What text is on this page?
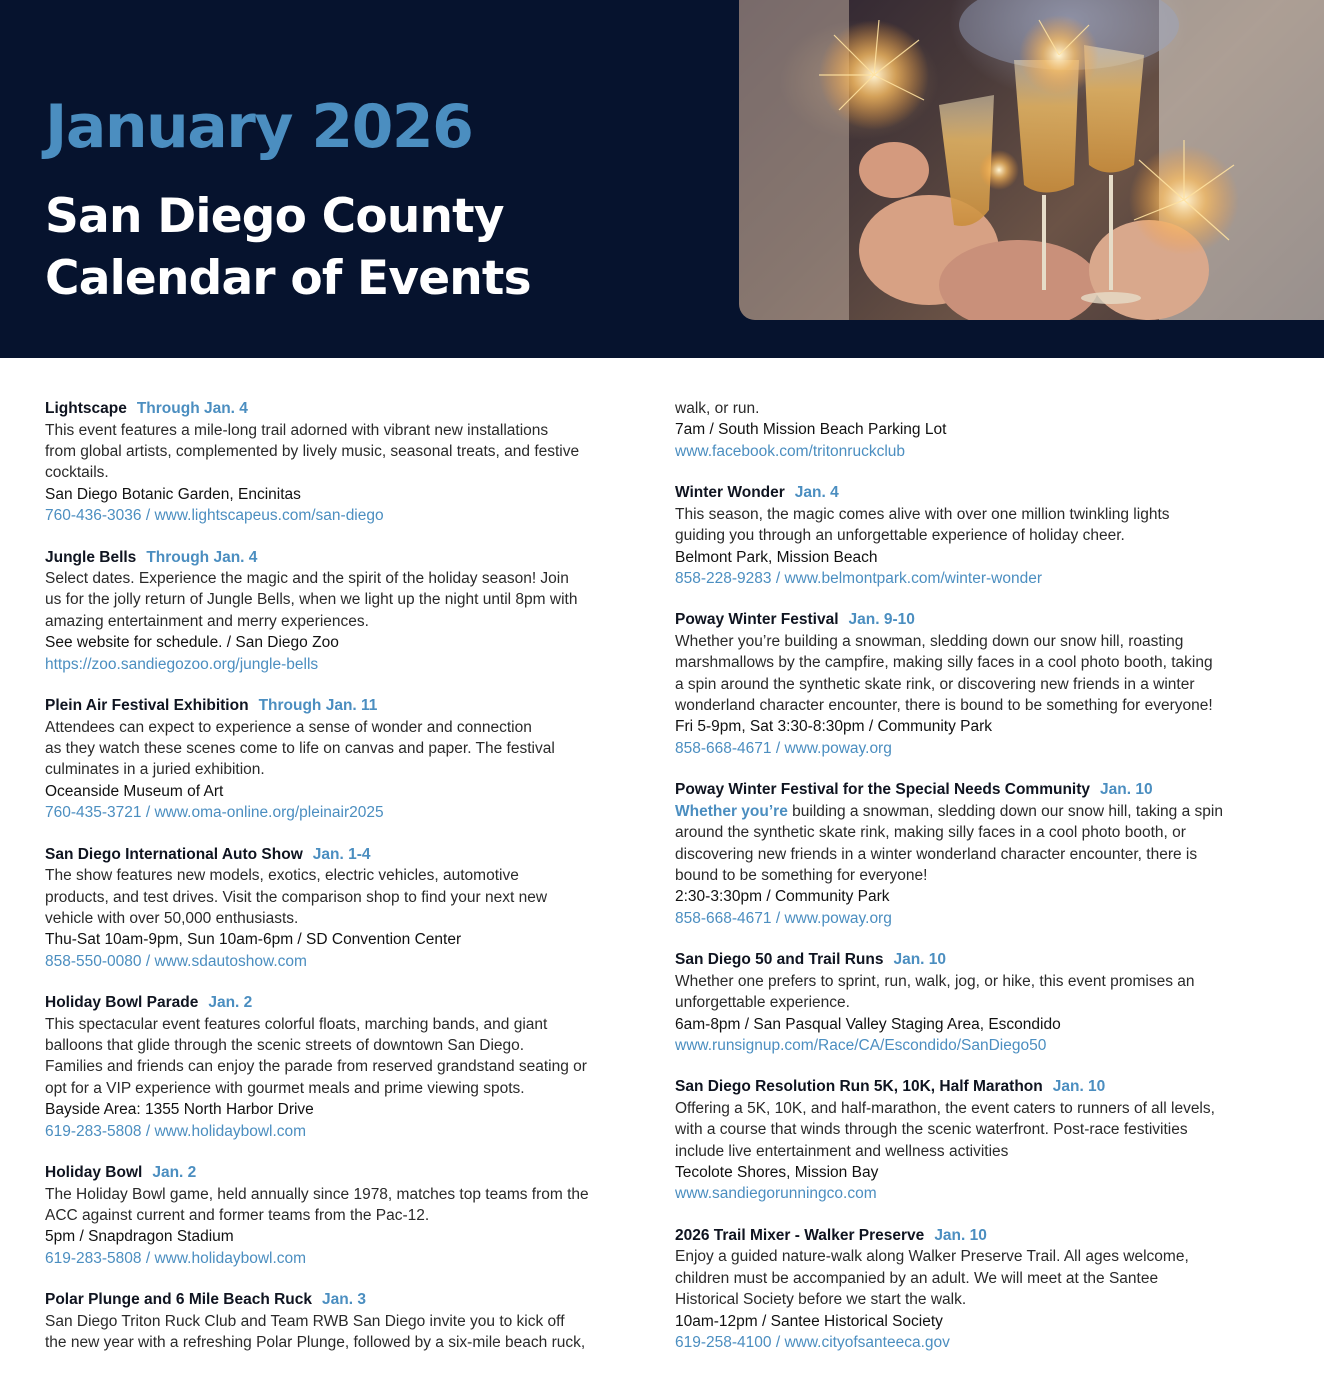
January 2026
San Diego County
Calendar of Events
Lightscape Through Jan. 4
This event features a mile-long trail adorned with vibrant new installations
from global artists, complemented by lively music, seasonal treats, and festive
cocktails.
San Diego Botanic Garden, Encinitas
760-436-3036 / www.lightscapeus.com/san-diego
Jungle Bells Through Jan. 4
Select dates. Experience the magic and the spirit of the holiday season! Join
us for the jolly return of Jungle Bells, when we light up the night until 8pm with
amazing entertainment and merry experiences.
See website for schedule. / San Diego Zoo
https://zoo.sandiegozoo.org/jungle-bells
Plein Air Festival Exhibition Through Jan. 11
Attendees can expect to experience a sense of wonder and connection
as they watch these scenes come to life on canvas and paper. The festival
culminates in a juried exhibition.
Oceanside Museum of Art
760-435-3721 / www.oma-online.org/pleinair2025
San Diego International Auto Show Jan. 1-4
The show features new models, exotics, electric vehicles, automotive
products, and test drives. Visit the comparison shop to find your next new
vehicle with over 50,000 enthusiasts.
Thu-Sat 10am-9pm, Sun 10am-6pm / SD Convention Center
858-550-0080 / www.sdautoshow.com
Holiday Bowl Parade Jan. 2
This spectacular event features colorful floats, marching bands, and giant
balloons that glide through the scenic streets of downtown San Diego.
Families and friends can enjoy the parade from reserved grandstand seating or
opt for a VIP experience with gourmet meals and prime viewing spots.
Bayside Area: 1355 North Harbor Drive
619-283-5808 / www.holidaybowl.com
Holiday Bowl Jan. 2
The Holiday Bowl game, held annually since 1978, matches top teams from the
ACC against current and former teams from the Pac-12.
5pm / Snapdragon Stadium
619-283-5808 / www.holidaybowl.com
Polar Plunge and 6 Mile Beach Ruck Jan. 3
San Diego Triton Ruck Club and Team RWB San Diego invite you to kick off
the new year with a refreshing Polar Plunge, followed by a six-mile beach ruck,
walk, or run.
7am / South Mission Beach Parking Lot
www.facebook.com/tritonruckclub
Winter Wonder Jan. 4
This season, the magic comes alive with over one million twinkling lights
guiding you through an unforgettable experience of holiday cheer.
Belmont Park, Mission Beach
858-228-9283 / www.belmontpark.com/winter-wonder
Poway Winter Festival Jan. 9-10
Whether you’re building a snowman, sledding down our snow hill, roasting
marshmallows by the campfire, making silly faces in a cool photo booth, taking
a spin around the synthetic skate rink, or discovering new friends in a winter
wonderland character encounter, there is bound to be something for everyone!
Fri 5-9pm, Sat 3:30-8:30pm / Community Park
858-668-4671 / www.poway.org
Poway Winter Festival for the Special Needs Community Jan. 10
Whether you’re building a snowman, sledding down our snow hill, taking a spin
around the synthetic skate rink, making silly faces in a cool photo booth, or
discovering new friends in a winter wonderland character encounter, there is
bound to be something for everyone!
2:30-3:30pm / Community Park
858-668-4671 / www.poway.org
San Diego 50 and Trail Runs Jan. 10
Whether one prefers to sprint, run, walk, jog, or hike, this event promises an
unforgettable experience.
6am-8pm / San Pasqual Valley Staging Area, Escondido
www.runsignup.com/Race/CA/Escondido/SanDiego50
San Diego Resolution Run 5K, 10K, Half Marathon Jan. 10
Offering a 5K, 10K, and half-marathon, the event caters to runners of all levels,
with a course that winds through the scenic waterfront. Post-race festivities
include live entertainment and wellness activities
Tecolote Shores, Mission Bay
www.sandiegorunningco.com
2026 Trail Mixer - Walker Preserve Jan. 10
Enjoy a guided nature-walk along Walker Preserve Trail. All ages welcome,
children must be accompanied by an adult. We will meet at the Santee
Historical Society before we start the walk.
10am-12pm / Santee Historical Society
619-258-4100 / www.cityofsanteeca.gov
